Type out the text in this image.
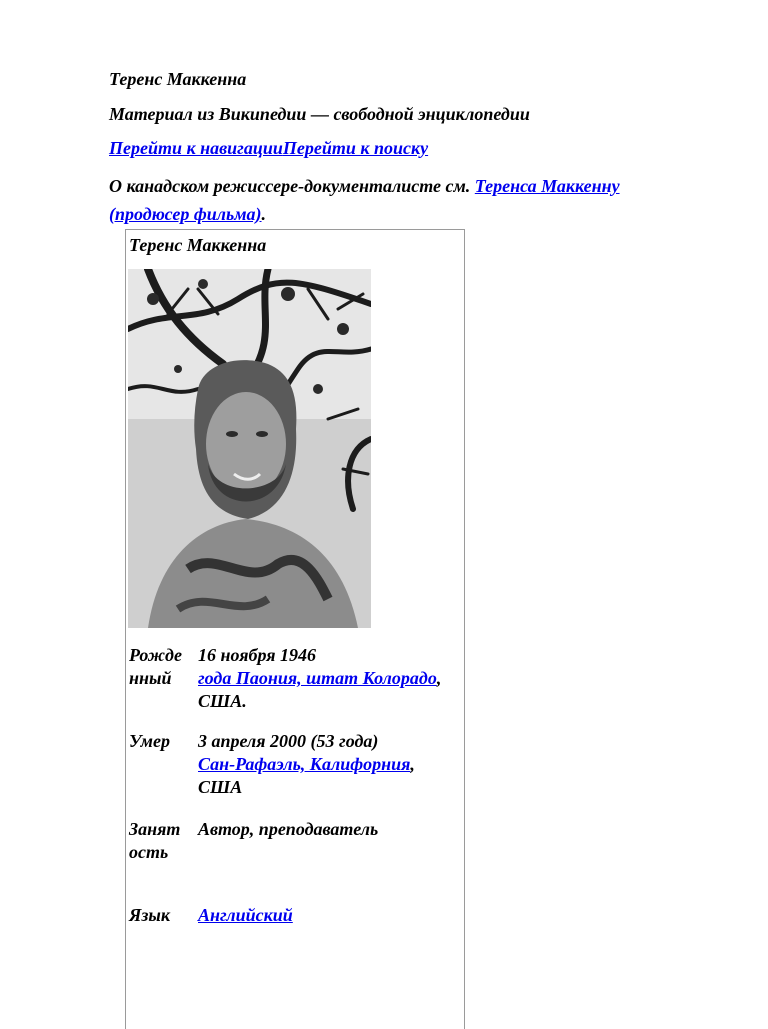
Теренс Маккенна
Материал из Википедии — свободной энциклопедии
Перейти к навигацииПерейти к поиску
О канадском режиссере-документалисте см. Теренса Маккенну
(продюсер фильма).
Теренс Маккенна
Рожденный
16 ноября 1946
года Паония, штат Колорадо, США.
Умер	3 апреля 2000 (53 года)
Сан-Рафаэль, Калифорния,
США
Занятость
Автор, преподаватель
Язык	Английский
